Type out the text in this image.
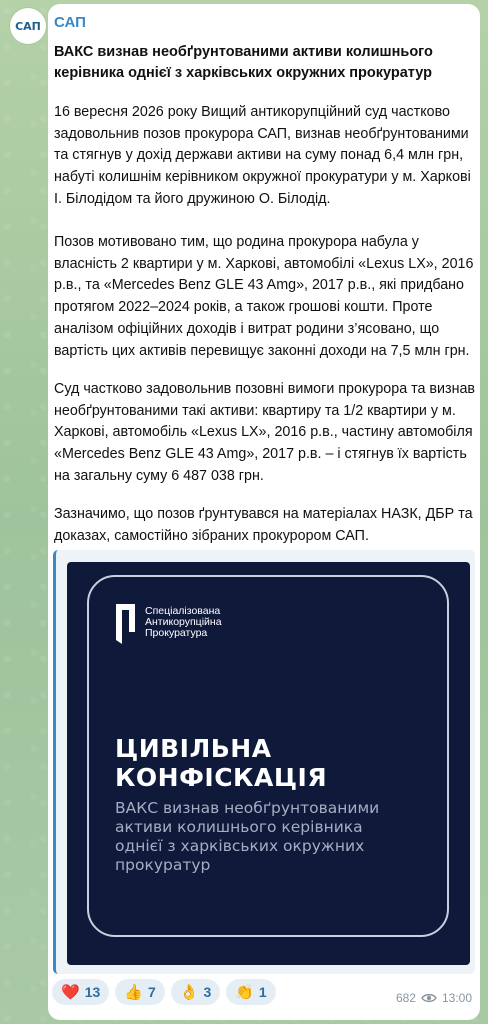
САП САП
ВАКС визнав необґрунтованими активи колишнього керівника однієї з харківських окружних прокуратур
16 вересня 2026 року Вищий антикорупційний суд частково задовольнив позов прокурора САП, визнав необґрунтованими та стягнув у дохід держави активи на суму понад 6,4 млн грн, набуті колишнім керівником окружної прокуратури у м. Харкові І. Білодідом та його дружиною О. Білодід.
Позов мотивовано тим, що родина прокурора набула у власність 2 квартири у м. Харкові, автомобілі «Lexus LX», 2016 р.в., та «Mercedes Benz GLE 43 Amg», 2017 р.в., які придбано протягом 2022–2024 років, а також грошові кошти. Проте аналізом офіційних доходів і витрат родини з’ясовано, що вартість цих активів перевищує законні доходи на 7,5 млн грн.
Суд частково задовольнив позовні вимоги прокурора та визнав необґрунтованими такі активи: квартиру та 1/2 квартири у м. Харкові, автомобіль «Lexus LX», 2016 р.в., частину автомобіля «Mercedes Benz GLE 43 Amg», 2017 р.в. – і стягнув їх вартість на загальну суму 6 487 038 грн.
Зазначимо, що позов ґрунтувався на матеріалах НАЗК, ДБР та доказах, самостійно зібраних прокурором САП.
Спеціалізована
Антикорупційна
Прокуратура
ЦИВІЛЬНА
КОНФІСКАЦІЯ
ВАКС визнав необґрунтованими активи колишнього керівника однієї з харківських окружних прокуратур
❤️ 13 👍 7 👌 3 👏 1	682 13:00
